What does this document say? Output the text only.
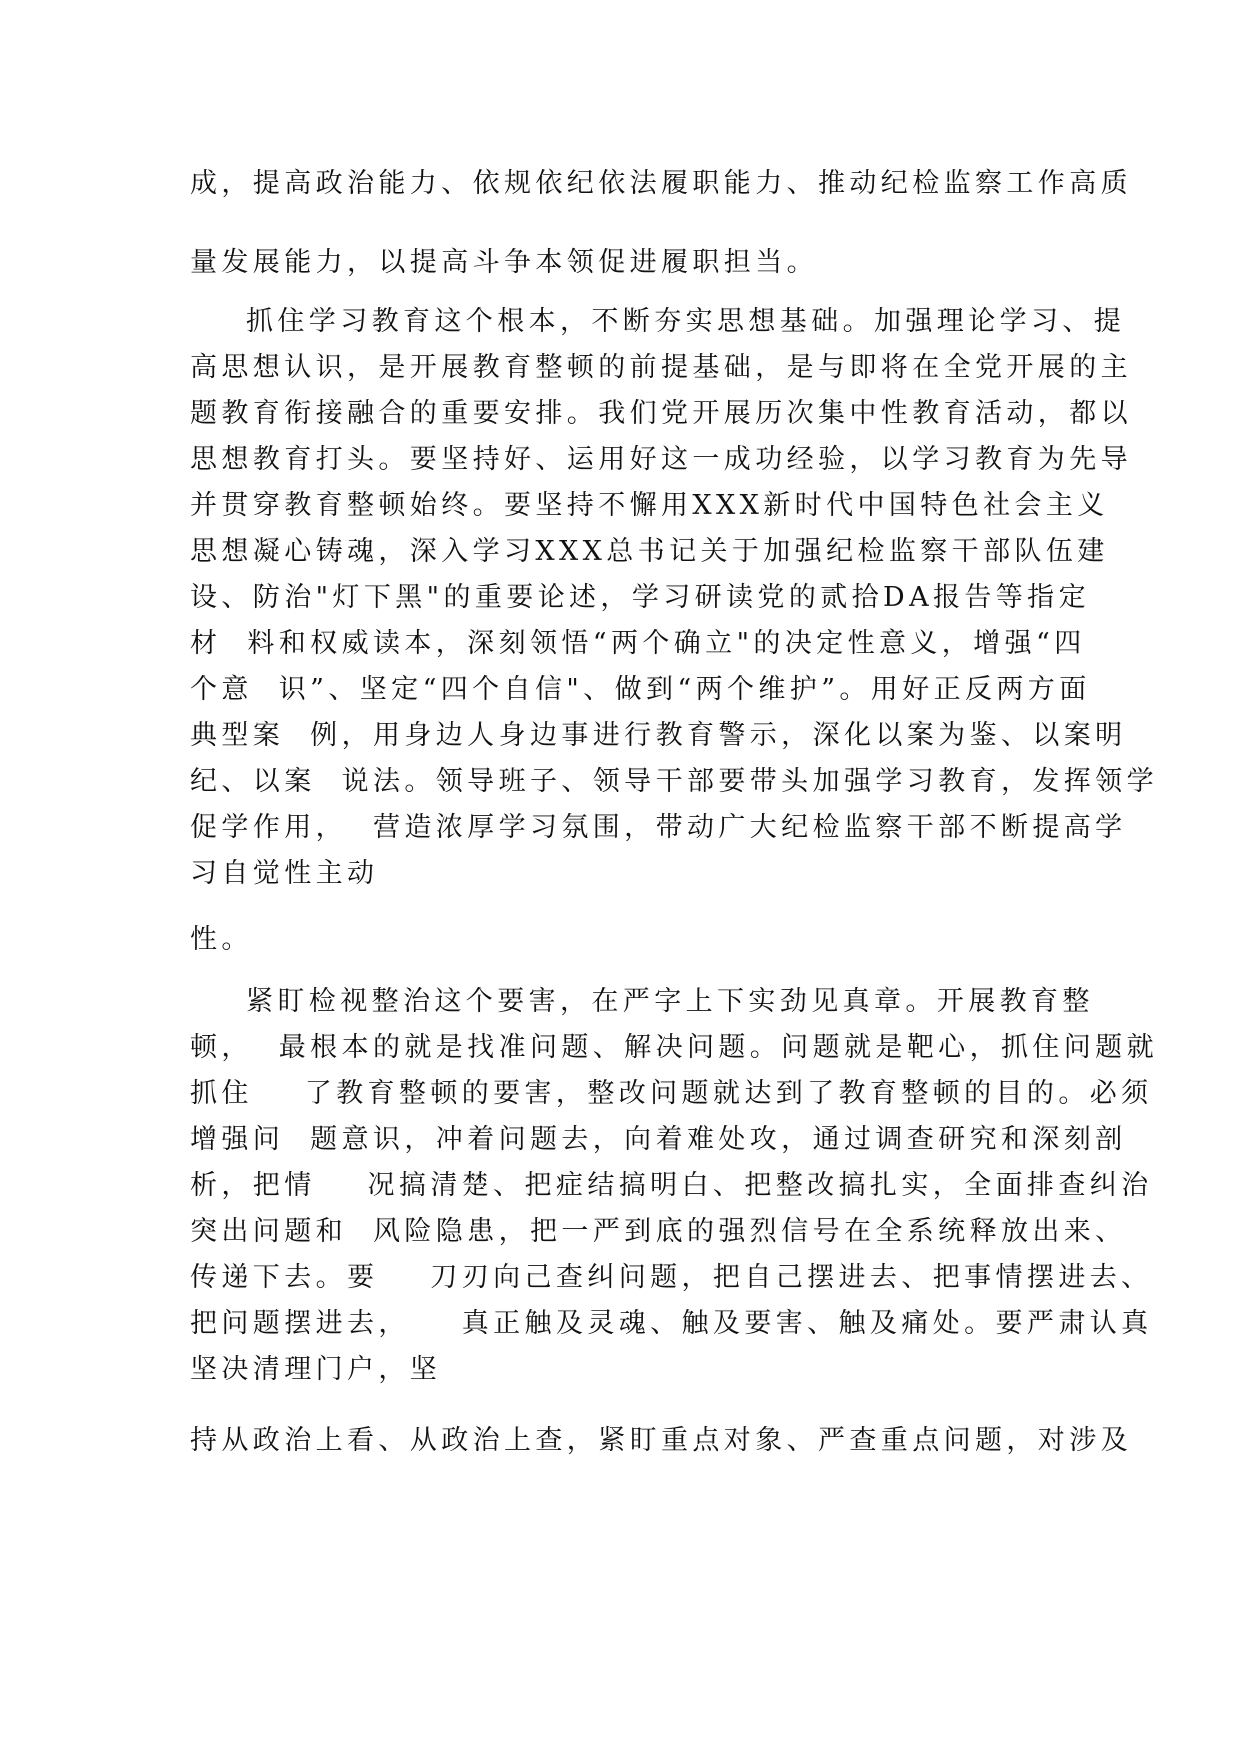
成，提高政治能力、依规依纪依法履职能力、推动纪检监察工作高质

量发展能力，以提高斗争本领促进履职担当。

抓住学习教育这个根本，不断夯实思想基础。加强理论学习、提

高思想认识，是开展教育整顿的前提基础，是与即将在全党开展的主

题教育衔接融合的重要安排。我们党开展历次集中性教育活动，都以

思想教育打头。要坚持好、运用好这一成功经验，以学习教育为先导

并贯穿教育整顿始终。要坚持不懈用XXX新时代中国特色社会主义

思想凝心铸魂，深入学习XXX总书记关于加强纪检监察干部队伍建

设、防治"灯下黑"的重要论述，学习研读党的贰拾DA报告等指定

材  料和权威读本，深刻领悟“两个确立"的决定性意义，增强“四

个意  识”、坚定“四个自信"、做到“两个维护”。用好正反两方面

典型案  例，用身边人身边事进行教育警示，深化以案为鉴、以案明

纪、以案  说法。领导班子、领导干部要带头加强学习教育，发挥领学

促学作用，  营造浓厚学习氛围，带动广大纪检监察干部不断提高学

习自觉性主动

性。

紧盯检视整治这个要害，在严字上下实劲见真章。开展教育整

顿，  最根本的就是找准问题、解决问题。问题就是靶心，抓住问题就

抓住    了教育整顿的要害，整改问题就达到了教育整顿的目的。必须

增强问  题意识，冲着问题去，向着难处攻，通过调查研究和深刻剖

析，把情    况搞清楚、把症结搞明白、把整改搞扎实，全面排查纠治

突出问题和  风险隐患，把一严到底的强烈信号在全系统释放出来、

传递下去。要    刀刃向己查纠问题，把自己摆进去、把事情摆进去、

把问题摆进去，    真正触及灵魂、触及要害、触及痛处。要严肃认真

坚决清理门户，坚

持从政治上看、从政治上查，紧盯重点对象、严查重点问题，对涉及
